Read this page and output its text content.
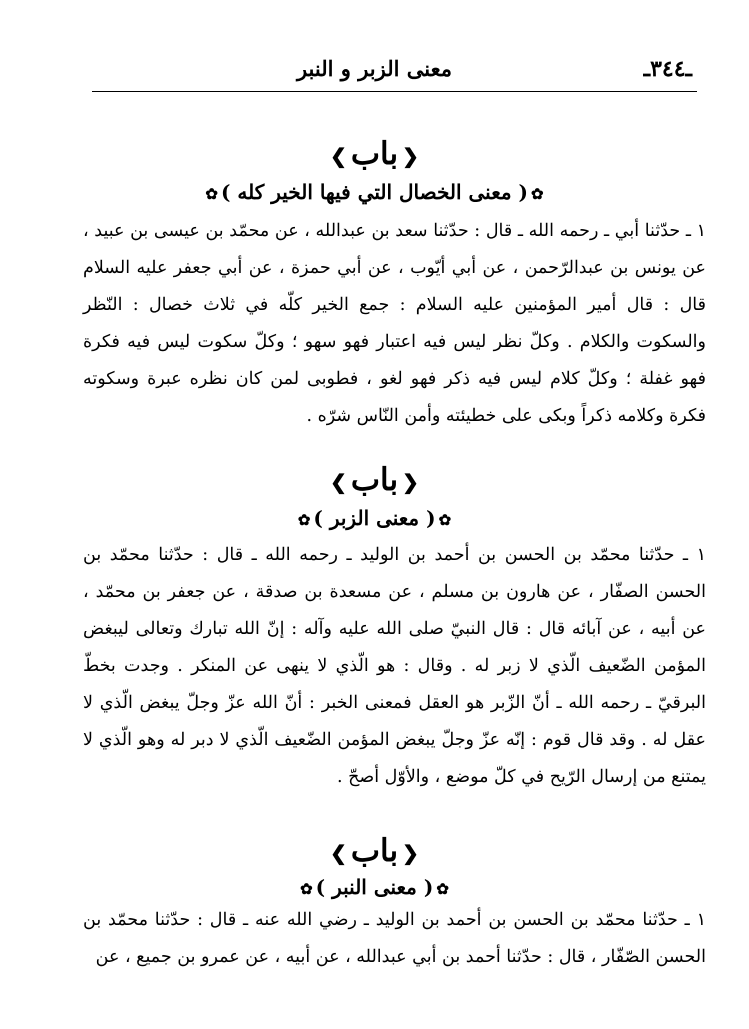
ـ٣٤٤ـ
معنى الزبر و النبر
❮باب❯
✿( معنى الخصال التي فيها الخير كله )✿

١ ـ حدّثنا أبي ـ رحمه الله ـ قال : حدّثنا سعد بن عبدالله ، عن محمّد بن عيسى بن عبيد ، عن يونس بن عبدالرّحمن ، عن أبي أيّوب ، عن أبي حمزة ، عن أبي جعفر عليه السلام قال : قال أمير المؤمنين عليه السلام : جمع الخير كلّه في ثلاث خصال : النّظر والسكوت والكلام . وكلّ نظر ليس فيه اعتبار فهو سهو ؛ وكلّ سكوت ليس فيه فكرة فهو غفلة ؛ وكلّ كلام ليس فيه ذكر فهو لغو ، فطوبى لمن كان نظره عبرة وسكوته فكرة وكلامه ذكراً وبكى على خطيئته وأمن النّاس شرّه .

❮باب❯
✿( معنى الزبر )✿

١ ـ حدّثنا محمّد بن الحسن بن أحمد بن الوليد ـ رحمه الله ـ قال : حدّثنا محمّد بن الحسن الصفّار ، عن هارون بن مسلم ، عن مسعدة بن صدقة ، عن جعفر بن محمّد ، عن أبيه ، عن آبائه قال : قال النبيّ صلى الله عليه وآله : إنّ الله تبارك وتعالى ليبغض المؤمن الضّعيف الّذي لا زبر له . وقال : هو الّذي لا ينهى عن المنكر . وجدت بخطّ البرقيّ ـ رحمه الله ـ أنّ الزّبر هو العقل فمعنى الخبر : أنّ الله عزّ وجلّ يبغض الّذي لا عقل له . وقد قال قوم : إنّه عزّ وجلّ يبغض المؤمن الضّعيف الّذي لا دبر له وهو الّذي لا يمتنع من إرسال الرّيح في كلّ موضع ، والأوّل أصحّ .

❮باب❯
✿( معنى النبر )✿

١ ـ حدّثنا محمّد بن الحسن بن أحمد بن الوليد ـ رضي الله عنه ـ قال : حدّثنا محمّد بن الحسن الصّفّار ، قال : حدّثنا أحمد بن أبي عبدالله ، عن أبيه ، عن عمرو بن جميع ، عن
